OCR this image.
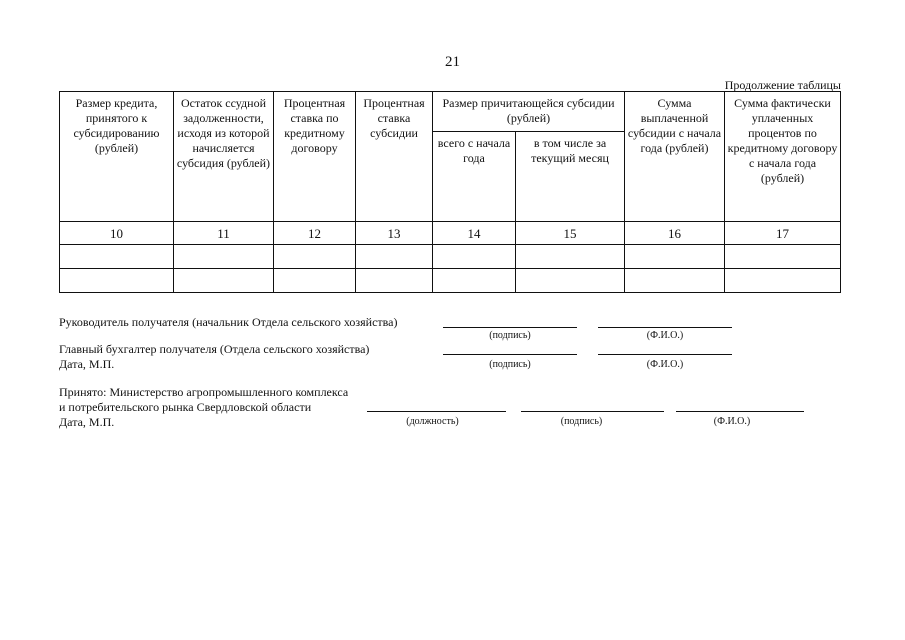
21
Продолжение таблицы
Размер кредита, принятого к субсидированию (рублей)	Остаток ссудной задолженности, исходя из которой начисляется субсидия (рублей)	Процентная ставка по кредитному договору	Процентная ставка субсидии	Размер причитающейся субсидии (рублей)		Сумма выплаченной субсидии с начала года (рублей)	Сумма фактически уплаченных процентов по кредитному договору с начала года (рублей)
				всего с начала года	в том числе за текущий месяц		
10	11	12	13	14	15	16	17

Руководитель получателя (начальник Отдела сельского хозяйства)
(подпись)	(Ф.И.О.)
Главный бухгалтер получателя (Отдела сельского хозяйства)
Дата, М.П.	(подпись)	(Ф.И.О.)
Принято: Министерство агропромышленного комплекса
и потребительского рынка Свердловской области
Дата, М.П.	(должность)	(подпись)	(Ф.И.О.)
